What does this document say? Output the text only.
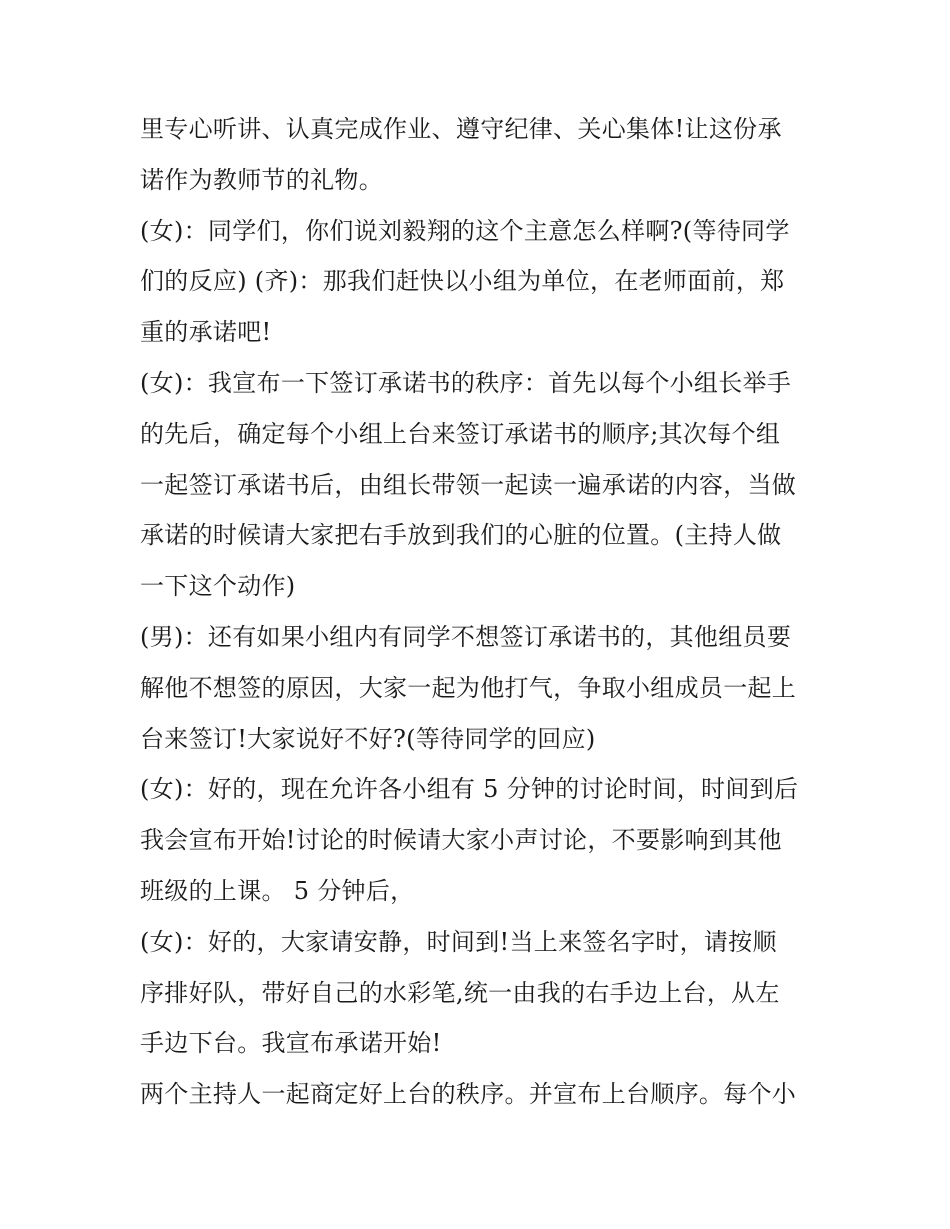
里专心听讲、认真完成作业、遵守纪律、关心集体!让这份承

诺作为教师节的礼物。

(女)：同学们，你们说刘毅翔的这个主意怎么样啊?(等待同学

们的反应) (齐)：那我们赶快以小组为单位，在老师面前，郑

重的承诺吧!

(女)：我宣布一下签订承诺书的秩序：首先以每个小组长举手

的先后，确定每个小组上台来签订承诺书的顺序;其次每个组

一起签订承诺书后，由组长带领一起读一遍承诺的内容，当做

承诺的时候请大家把右手放到我们的心脏的位置。(主持人做

一下这个动作)

(男)：还有如果小组内有同学不想签订承诺书的，其他组员要

解他不想签的原因，大家一起为他打气，争取小组成员一起上

台来签订!大家说好不好?(等待同学的回应)

(女)：好的，现在允许各小组有 5 分钟的讨论时间，时间到后

我会宣布开始!讨论的时候请大家小声讨论，不要影响到其他

班级的上课。 5 分钟后，

(女)：好的，大家请安静，时间到!当上来签名字时，请按顺

序排好队，带好自己的水彩笔,统一由我的右手边上台，从左

手边下台。我宣布承诺开始!

两个主持人一起商定好上台的秩序。并宣布上台顺序。每个小
